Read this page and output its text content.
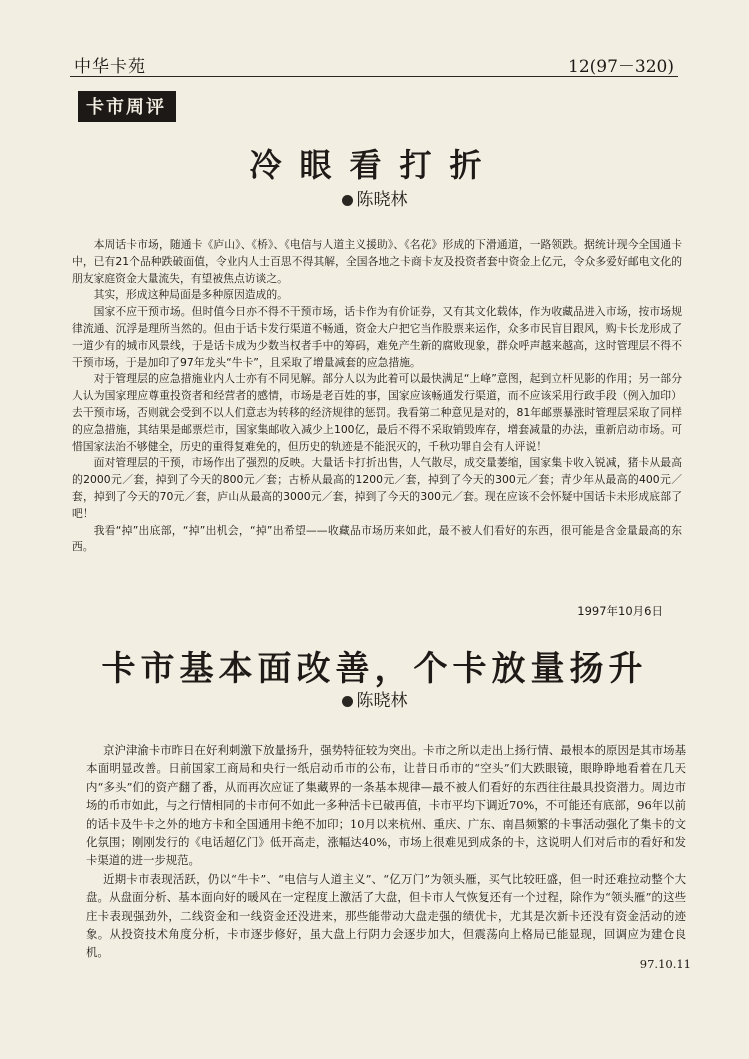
中华卡苑	12(97－320)
卡市周评
冷眼看打折
陈晓林

本周话卡市场，随通卡《庐山》、《桥》、《电信与人道主义援助》、《名花》形成的下滑通道，一路领跌。据统计现今全国通卡中，已有21个品种跌破面值，令业内人士百思不得其解，全国各地之卡商卡友及投资者套中资金上亿元，令众多爱好邮电文化的朋友家庭资金大量流失，有望被焦点访谈之。

其实，形成这种局面是多种原因造成的。

国家不应干预市场。但时值今日亦不得不干预市场，话卡作为有价证券，又有其文化载体，作为收藏品进入市场，按市场规律流通、沉浮是理所当然的。但由于话卡发行渠道不畅通，资金大户把它当作股票来运作，众多市民盲目跟风，购卡长龙形成了一道少有的城市风景线，于是话卡成为少数当权者手中的筹码，难免产生新的腐败现象，群众呼声越来越高，这时管理层不得不干预市场，于是加印了97年龙头“牛卡”，且采取了增量减套的应急措施。

对于管理层的应急措施业内人士亦有不同见解。部分人以为此着可以最快满足“上峰”意图，起到立杆见影的作用；另一部分人认为国家理应尊重投资者和经营者的感情，市场是老百姓的事，国家应该畅通发行渠道，而不应该采用行政手段（例入加印）去干预市场，否则就会受到不以人们意志为转移的经济规律的惩罚。我看第二种意见是对的，81年邮票暴涨时管理层采取了同样的应急措施，其结果是邮票烂市，国家集邮收入减少上100亿，最后不得不采取销毁库存，增套减量的办法，重新启动市场。可惜国家法治不够健全，历史的重得复难免的，但历史的轨迹是不能泯灭的，千秋功罪自会有人评说！

面对管理层的干预，市场作出了强烈的反映。大量话卡打折出售，人气散尽，成交量萎缩，国家集卡收入锐减，猪卡从最高的2000元／套，掉到了今天的800元／套；古桥从最高的1200元／套，掉到了今天的300元／套；青少年从最高的400元／套，掉到了今天的70元／套，庐山从最高的3000元／套，掉到了今天的300元／套。现在应该不会怀疑中国话卡未形成底部了吧！

我看“掉”出底部，“掉”出机会，“掉”出希望——收藏品市场历来如此，最不被人们看好的东西，很可能是含金量最高的东西。

1997年10月6日
卡市基本面改善，个卡放量扬升
陈晓林

京沪津渝卡市昨日在好利刺激下放量扬升，强势特征较为突出。卡市之所以走出上扬行情、最根本的原因是其市场基本面明显改善。日前国家工商局和央行一纸启动币市的公布，让昔日币市的“空头”们大跌眼镜，眼睁睁地看着在几天内“多头”们的资产翻了番，从而再次应证了集藏界的一条基本规律—最不被人们看好的东西往往最具投资潜力。周边市场的币市如此，与之行情相同的卡市何不如此一多种活卡已破再值，卡市平均下调近70%，不可能还有底部，96年以前的话卡及牛卡之外的地方卡和全国通用卡绝不加印；10月以来杭州、重庆、广东、南昌频繁的卡事活动强化了集卡的文化氛围；刚刚发行的《电话超亿门》低开高走，涨幅达40%，市场上很难见到成条的卡，这说明人们对后市的看好和发卡渠道的进一步规范。

近期卡市表现活跃，仍以“牛卡”、“电信与人道主义”、“亿万门”为领头雁，买气比较旺盛，但一时还难拉动整个大盘。从盘面分析、基本面向好的暖风在一定程度上激活了大盘，但卡市人气恢复还有一个过程，除作为“领头雁”的这些庄卡表现强劲外，二线资金和一线资金还没进来，那些能带动大盘走强的绩优卡，尤其是次新卡还没有资金活动的迹象。从投资技术角度分析，卡市逐步修好，虽大盘上行阴力会逐步加大，但震荡向上格局已能显现，回调应为建仓良机。

97.10.11
